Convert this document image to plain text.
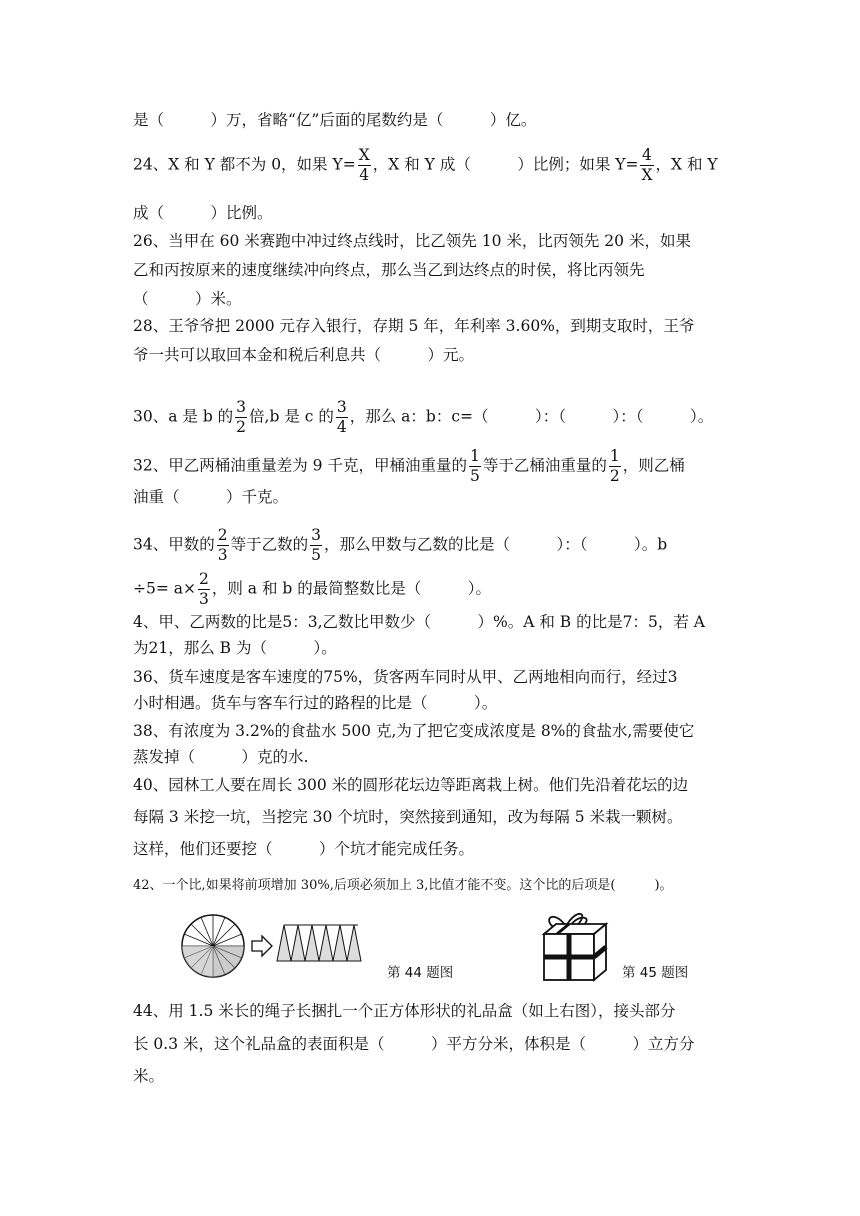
是（　　　）万，省略“亿”后面的尾数约是（　　　）亿。
24、X 和 Y 都不为 0，如果 $Y= \frac{X}{4}$ ，X 和 Y 成（　　　）比例；如果 $Y= \frac{4}{X}$ ，X 和 Y
成（　　　）比例。
26、当甲在 60 米赛跑中冲过终点线时，比乙领先 10 米，比丙领先 20 米，如果
乙和丙按原来的速度继续冲向终点，那么当乙到达终点的时侯，将比丙领先
（　　　）米。
28、王爷爷把 2000 元存入银行，存期 5 年，年利率 3.60%，到期支取时，王爷
爷一共可以取回本金和税后利息共（　　　）元。
30、a 是 b 的 $\frac{3}{2}$ 倍,b 是 c 的 $\frac{3}{4}$ ，那么 a：b：c=（　　　）：（　　　）：（　　　）。
32、甲乙两桶油重量差为 9 千克，甲桶油重量的 $\frac{1}{5}$ 等于乙桶油重量的 $\frac{1}{2}$ ，则乙桶
油重（　　　）千克。
34、甲数的 $\frac{2}{3}$ 等于乙数的 $\frac{3}{5}$ ，那么甲数与乙数的比是（　　　）：（　　　）。b
$\div 5= a\times \frac{2}{3}$ ，则 a 和 b 的最简整数比是（　　　）。
4、甲、乙两数的比是5：3,乙数比甲数少（　　　）%。A 和 B 的比是7：5，若 A
为21，那么 B 为（　　　）。
36、货车速度是客车速度的75%，货客两车同时从甲、乙两地相向而行，经过3
小时相遇。货车与客车行过的路程的比是（　　　）。
38、有浓度为 3.2%的食盐水 500 克,为了把它变成浓度是 8%的食盐水,需要使它
蒸发掉（　　　）克的水.
40、园林工人要在周长 300 米的圆形花坛边等距离栽上树。他们先沿着花坛的边
每隔 3 米挖一坑，当挖完 30 个坑时，突然接到通知，改为每隔 5 米栽一颗树。
这样，他们还要挖（　　　）个坑才能完成任务。
42、一个比,如果将前项增加 30%,后项必须加上 3,比值才能不变。这个比的后项是(　　　)。
第 44 题图	第 45 题图
44、用 1.5 米长的绳子长捆扎一个正方体形状的礼品盒（如上右图），接头部分
长 0.3 米，这个礼品盒的表面积是（　　　）平方分米，体积是（　　　）立方分
米。
